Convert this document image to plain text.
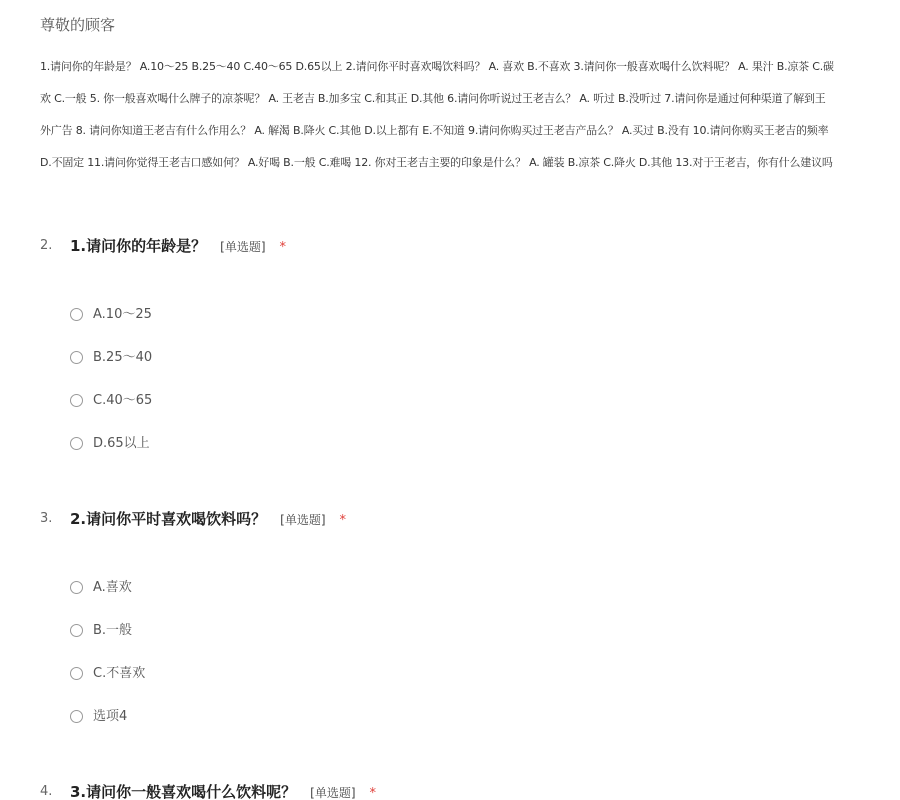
尊敬的顾客
1.请问你的年龄是？ A.10～25 B.25～40 C.40～65 D.65以上 2.请问你平时喜欢喝饮料吗？ A. 喜欢 B.不喜欢 3.请问你一般喜欢喝什么饮料呢？ A. 果汁 B.凉茶 C.碳
欢 C.一般 5. 你一般喜欢喝什么牌子的凉茶呢？ A. 王老吉 B.加多宝 C.和其正 D.其他 6.请问你听说过王老吉么？ A. 听过 B.没听过 7.请问你是通过何种渠道了解到王
外广告 8. 请问你知道王老吉有什么作用么？ A. 解渴 B.降火 C.其他 D.以上都有 E.不知道 9.请问你购买过王老吉产品么？ A.买过 B.没有 10.请问你购买王老吉的频率
D.不固定 11.请问你觉得王老吉口感如何？ A.好喝 B.一般 C.难喝 12. 你对王老吉主要的印象是什么？ A. 罐装 B.凉茶 C.降火 D.其他 13.对于王老吉，你有什么建议吗
2. 1.请问你的年龄是？ [单选题] *
A.10～25
B.25～40
C.40～65
D.65以上
3. 2.请问你平时喜欢喝饮料吗？ [单选题] *
A.喜欢
B.一般
C.不喜欢
选项4
4. 3.请问你一般喜欢喝什么饮料呢？ [单选题] *
